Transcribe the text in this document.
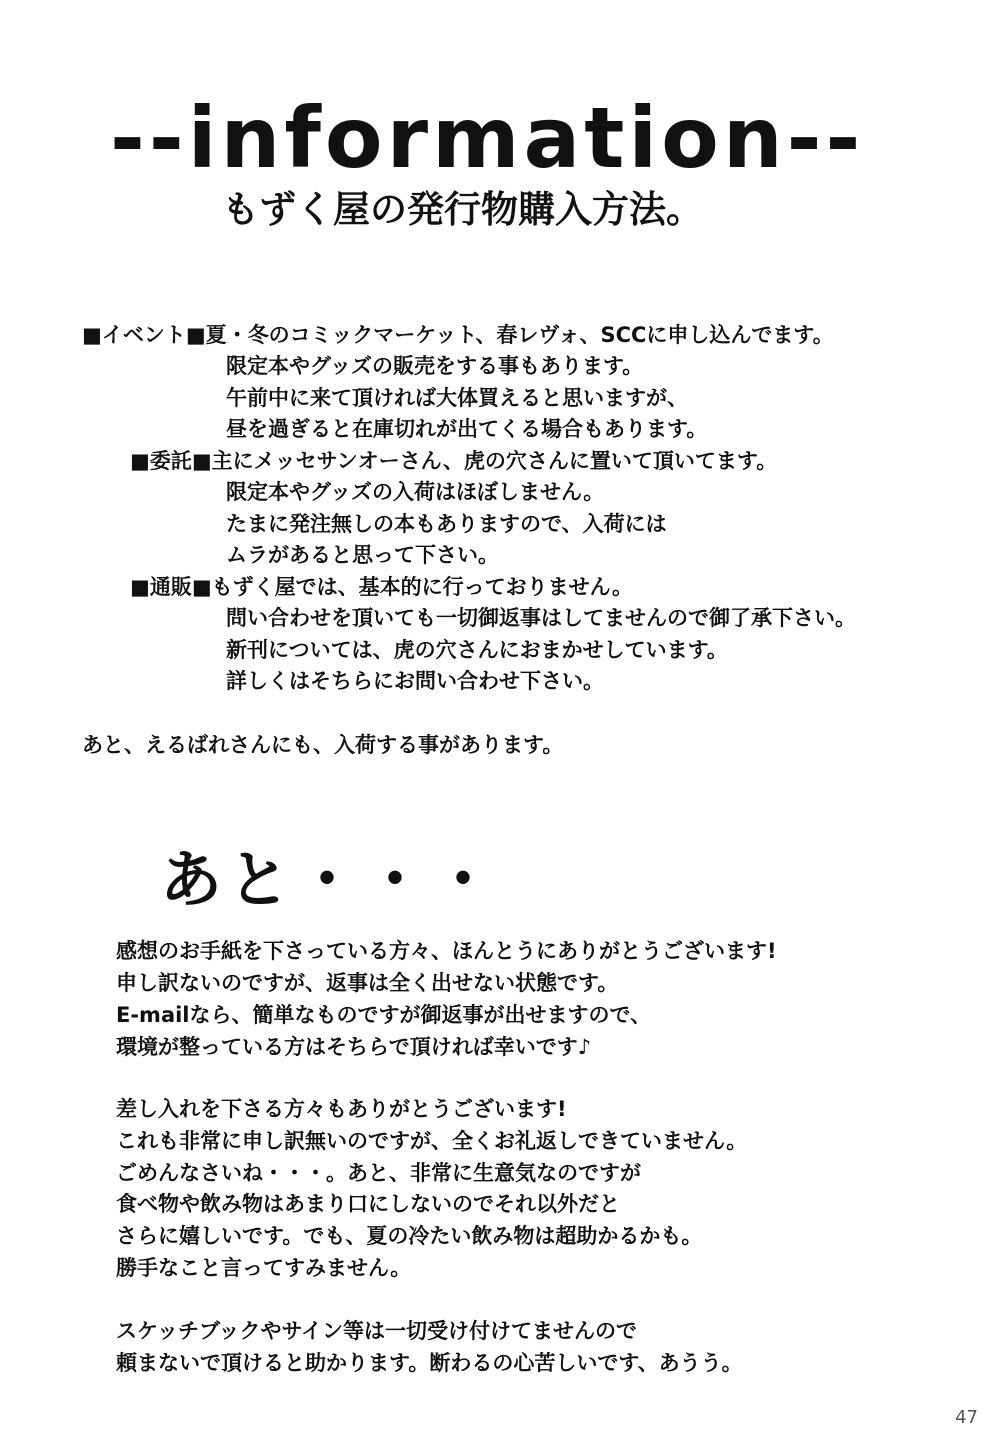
--information--
もずく屋の発行物購入方法。
■イベント■夏・冬のコミックマーケット、春レヴォ、SCCに申し込んでます。
限定本やグッズの販売をする事もあります。
午前中に来て頂ければ大体買えると思いますが、
昼を過ぎると在庫切れが出てくる場合もあります。
■委託■主にメッセサンオーさん、虎の穴さんに置いて頂いてます。
限定本やグッズの入荷はほぼしません。
たまに発注無しの本もありますので、入荷には
ムラがあると思って下さい。
■通販■もずく屋では、基本的に行っておりません。
問い合わせを頂いても一切御返事はしてませんので御了承下さい。
新刊については、虎の穴さんにおまかせしています。
詳しくはそちらにお問い合わせ下さい。
あと、えるばれさんにも、入荷する事があります。
あと・・・
感想のお手紙を下さっている方々、ほんとうにありがとうございます!
申し訳ないのですが、返事は全く出せない状態です。
E-mailなら、簡単なものですが御返事が出せますので、
環境が整っている方はそちらで頂ければ幸いです♪
差し入れを下さる方々もありがとうございます!
これも非常に申し訳無いのですが、全くお礼返しできていません。
ごめんなさいね・・・。あと、非常に生意気なのですが
食べ物や飲み物はあまり口にしないのでそれ以外だと
さらに嬉しいです。でも、夏の冷たい飲み物は超助かるかも。
勝手なこと言ってすみません。
スケッチブックやサイン等は一切受け付けてませんので
頼まないで頂けると助かります。断わるの心苦しいです、あうう。
47
